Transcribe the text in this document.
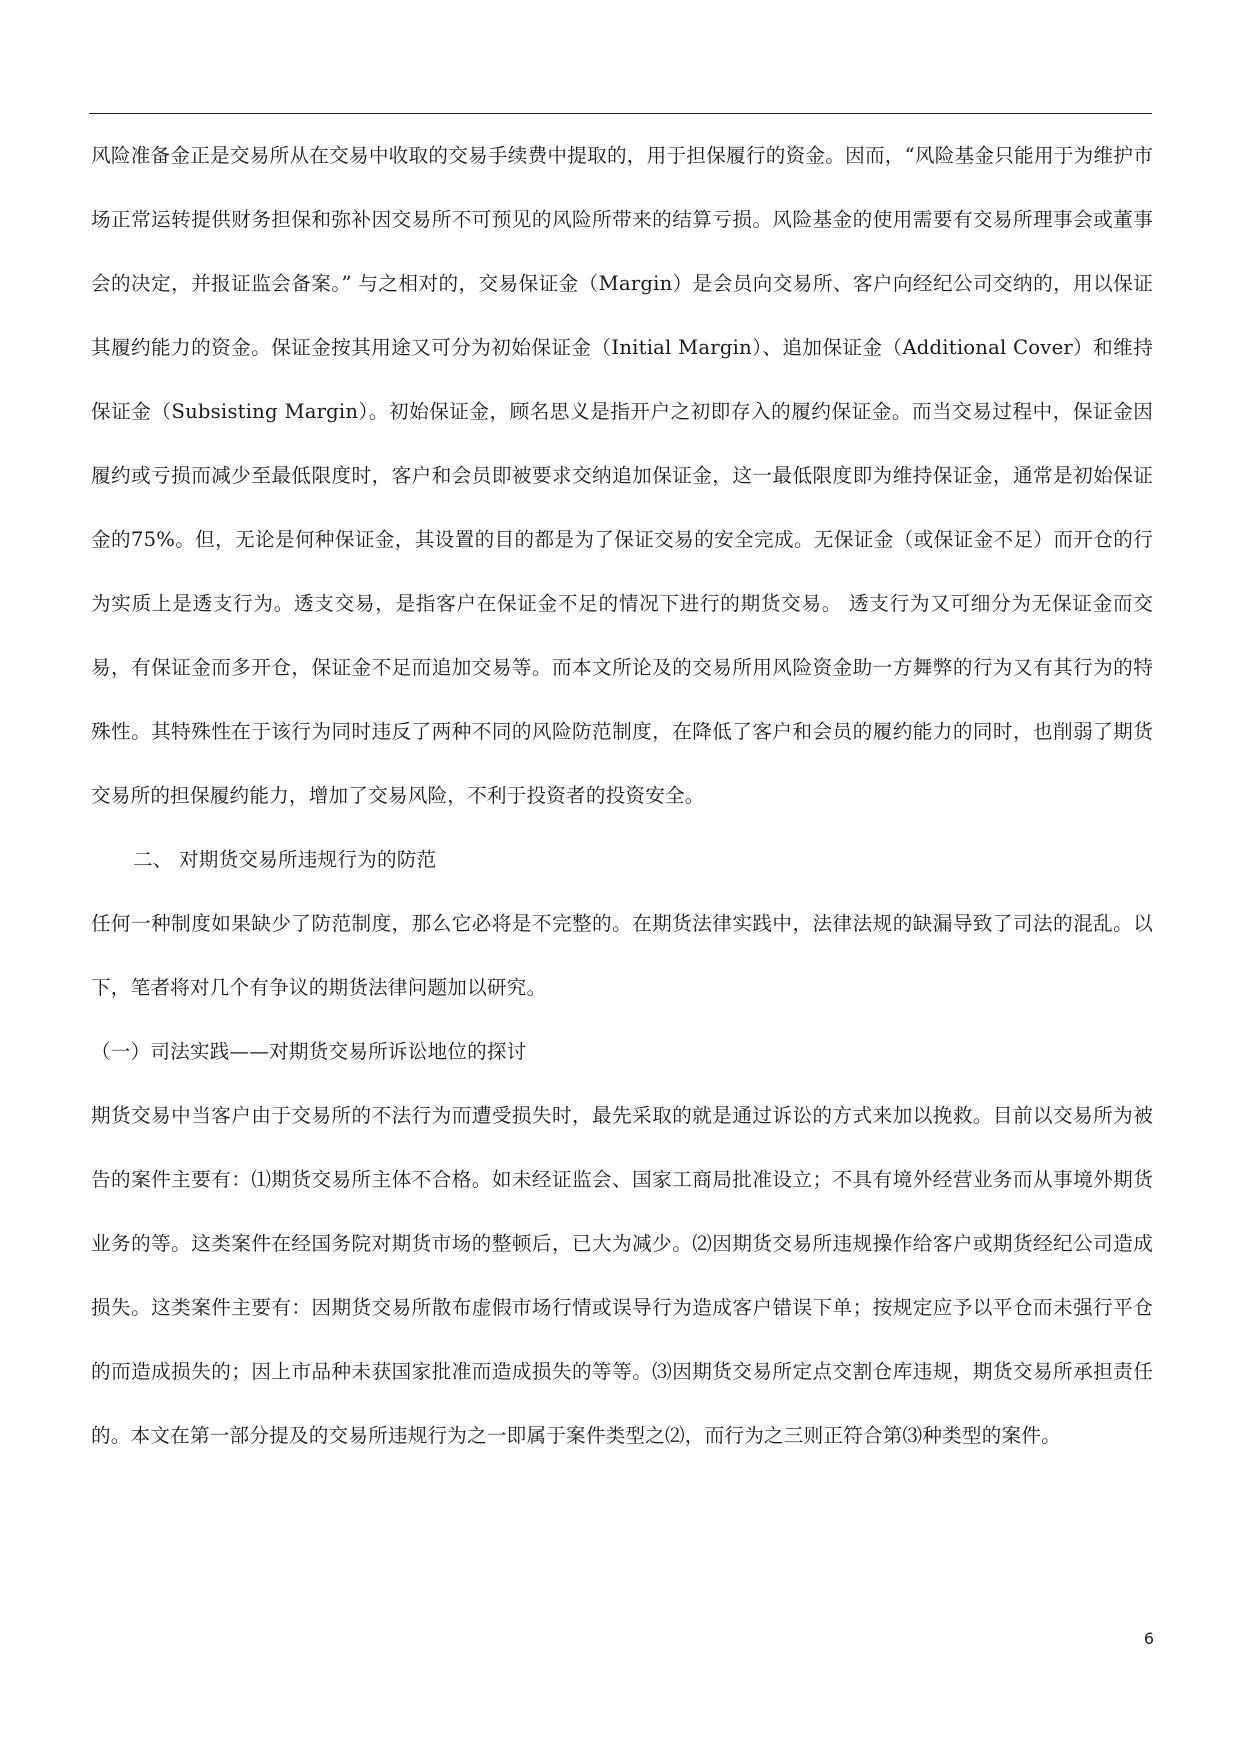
风险准备金正是交易所从在交易中收取的交易手续费中提取的，用于担保履行的资金。因而，“风险基金只能用于为维护市场正常运转提供财务担保和弥补因交易所不可预见的风险所带来的结算亏损。风险基金的使用需要有交易所理事会或董事会的决定，并报证监会备案。” 与之相对的，交易保证金（Margin）是会员向交易所、客户向经纪公司交纳的，用以保证其履约能力的资金。保证金按其用途又可分为初始保证金（Initial Margin）、追加保证金（Additional Cover）和维持保证金（Subsisting Margin）。初始保证金，顾名思义是指开户之初即存入的履约保证金。而当交易过程中，保证金因履约或亏损而减少至最低限度时，客户和会员即被要求交纳追加保证金，这一最低限度即为维持保证金，通常是初始保证金的75%。但，无论是何种保证金，其设置的目的都是为了保证交易的安全完成。无保证金（或保证金不足）而开仓的行为实质上是透支行为。透支交易，是指客户在保证金不足的情况下进行的期货交易。 透支行为又可细分为无保证金而交易，有保证金而多开仓，保证金不足而追加交易等。而本文所论及的交易所用风险资金助一方舞弊的行为又有其行为的特殊性。其特殊性在于该行为同时违反了两种不同的风险防范制度，在降低了客户和会员的履约能力的同时，也削弱了期货交易所的担保履约能力，增加了交易风险，不利于投资者的投资安全。

二、 对期货交易所违规行为的防范

任何一种制度如果缺少了防范制度，那么它必将是不完整的。在期货法律实践中，法律法规的缺漏导致了司法的混乱。以下，笔者将对几个有争议的期货法律问题加以研究。

（一）司法实践——对期货交易所诉讼地位的探讨

期货交易中当客户由于交易所的不法行为而遭受损失时，最先采取的就是通过诉讼的方式来加以挽救。目前以交易所为被告的案件主要有：⑴期货交易所主体不合格。如未经证监会、国家工商局批准设立；不具有境外经营业务而从事境外期货业务的等。这类案件在经国务院对期货市场的整顿后，已大为减少。⑵因期货交易所违规操作给客户或期货经纪公司造成损失。这类案件主要有：因期货交易所散布虚假市场行情或误导行为造成客户错误下单；按规定应予以平仓而未强行平仓的而造成损失的；因上市品种未获国家批准而造成损失的等等。⑶因期货交易所定点交割仓库违规，期货交易所承担责任的。本文在第一部分提及的交易所违规行为之一即属于案件类型之⑵，而行为之三则正符合第⑶种类型的案件。

6
